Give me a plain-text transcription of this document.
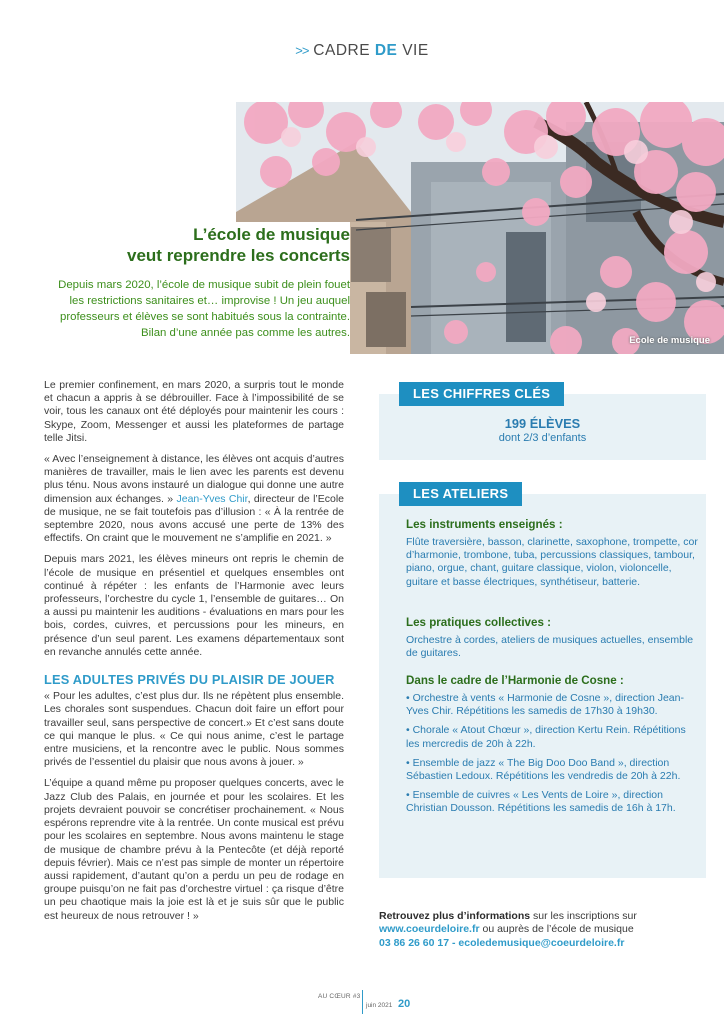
>> CADRE DE VIE
Ecole de musique
L’école de musique
veut reprendre les concerts
Depuis mars 2020, l’école de musique subit de plein fouet les restrictions sanitaires et… improvise ! Un jeu auquel professeurs et élèves se sont habitués sous la contrainte. Bilan d’une année pas comme les autres.

Le premier confinement, en mars 2020, a surpris tout le monde et chacun a appris à se débrouiller. Face à l’impossibilité de se voir, tous les canaux ont été déployés pour maintenir les cours : Skype, Zoom, Messenger et aussi les plateformes de partage telle Jitsi.

« Avec l’enseignement à distance, les élèves ont acquis d’autres manières de travailler, mais le lien avec les parents est devenu plus ténu. Nous avons instauré un dialogue qui donne une autre dimension aux échanges. » Jean-Yves Chir, directeur de l’Ecole de musique, ne se fait toutefois pas d’illusion : « À la rentrée de septembre 2020, nous avons accusé une perte de 13% des effectifs. On craint que le mouvement ne s’amplifie en 2021. »

Depuis mars 2021, les élèves mineurs ont repris le chemin de l’école de musique en présentiel et quelques ensembles ont continué à répéter : les enfants de l’Harmonie avec leurs professeurs, l’orchestre du cycle 1, l’ensemble de guitares… On a aussi pu maintenir les auditions - évaluations en mars pour les bois, cordes, cuivres, et percussions pour les mineurs, en présence d’un seul parent. Les examens départementaux sont en revanche annulés cette année.

LES ADULTES PRIVÉS DU PLAISIR DE JOUER

« Pour les adultes, c’est plus dur. Ils ne répètent plus ensemble. Les chorales sont suspendues. Chacun doit faire un effort pour travailler seul, sans perspective de concert.» Et c’est sans doute ce qui manque le plus. « Ce qui nous anime, c’est le partage entre musiciens, et la rencontre avec le public. Nous sommes privés de l’essentiel du plaisir que nous avons à jouer. »

L’équipe a quand même pu proposer quelques concerts, avec le Jazz Club des Palais, en journée et pour les scolaires. Et les projets devraient pouvoir se concrétiser prochainement. « Nous espérons reprendre vite à la rentrée. Un conte musical est prévu pour les scolaires en septembre. Nous avons maintenu le stage de musique de chambre prévu à la Pentecôte (et déjà reporté depuis février). Mais ce n’est pas simple de monter un répertoire aussi rapidement, d’autant qu’on a perdu un peu de rodage en groupe puisqu’on ne fait pas d’orchestre virtuel : ça risque d’être un peu chaotique mais la joie est là et je suis sûr que le public est heureux de nous retrouver ! »

LES CHIFFRES CLÉS
199 ÉLÈVES
dont 2/3 d’enfants
LES ATELIERS
Les instruments enseignés :
Flûte traversière, basson, clarinette, saxophone, trompette, cor d’harmonie, trombone, tuba, percussions classiques, tambour, piano, orgue, chant, guitare classique, violon, violoncelle, guitare et basse électriques, synthétiseur, batterie.
Les pratiques collectives :
Orchestre à cordes, ateliers de musiques actuelles, ensemble de guitares.
Dans le cadre de l’Harmonie de Cosne :

• Orchestre à vents « Harmonie de Cosne », direction Jean-Yves Chir. Répétitions les samedis de 17h30 à 19h30.

• Chorale « Atout Chœur », direction Kertu Rein. Répétitions les mercredis de 20h à 22h.

• Ensemble de jazz « The Big Doo Doo Band », direction Sébastien Ledoux. Répétitions les vendredis de 20h à 22h.

• Ensemble de cuivres « Les Vents de Loire », direction Christian Dousson. Répétitions les samedis de 16h à 17h.

Retrouvez plus d’informations sur les inscriptions sur
www.coeurdeloire.fr ou auprès de l’école de musique
03 86 26 60 17 - ecoledemusique@coeurdeloire.fr
AU CŒUR #3
juin 2021 20
